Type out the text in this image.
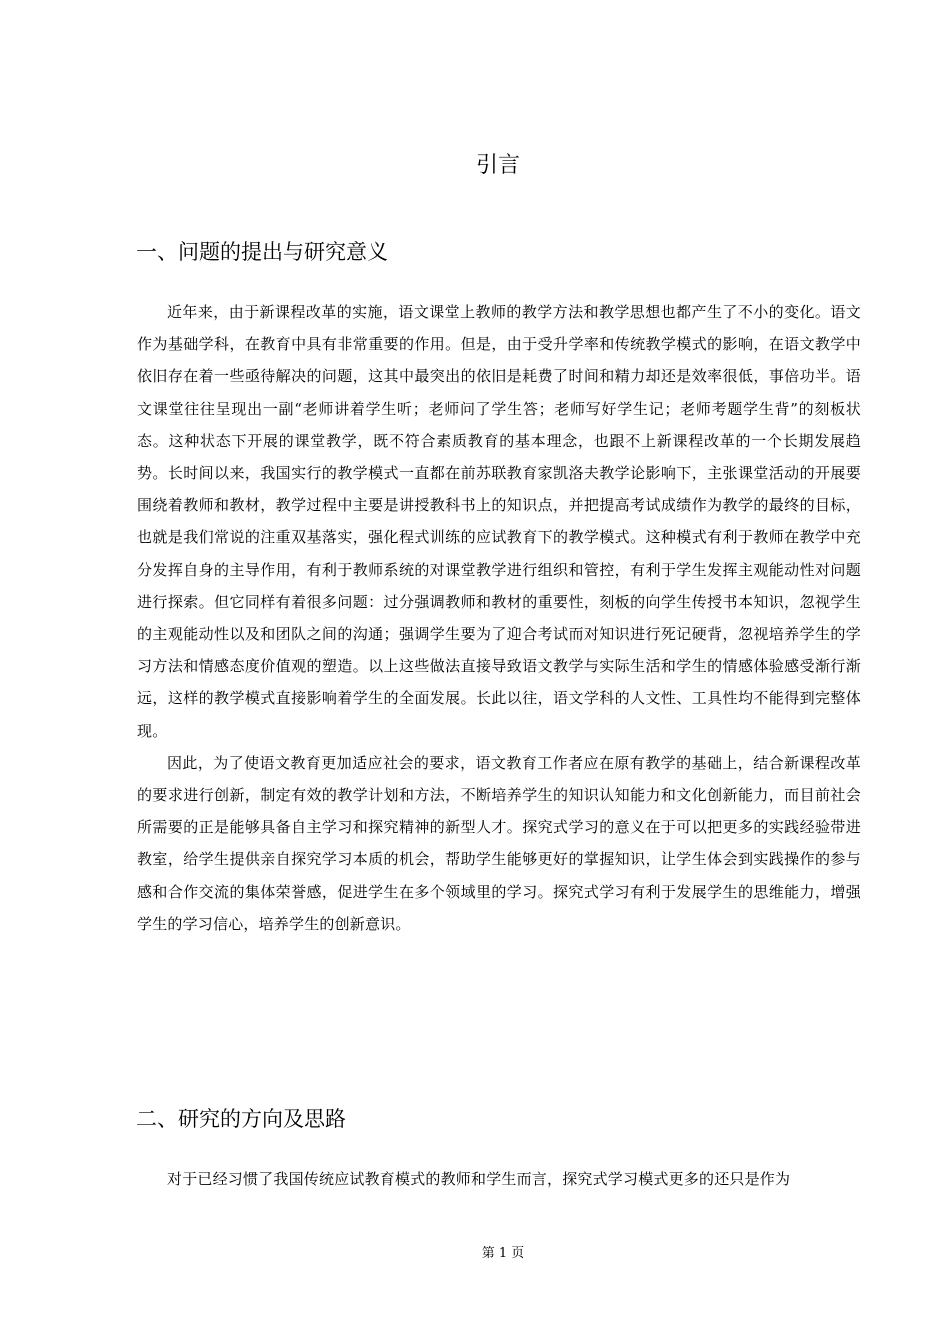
引言
一、问题的提出与研究意义

近年来，由于新课程改革的实施，语文课堂上教师的教学方法和教学思想也都产生了不小的变化。语文作为基础学科，在教育中具有非常重要的作用。但是，由于受升学率和传统教学模式的影响，在语文教学中依旧存在着一些亟待解决的问题，这其中最突出的依旧是耗费了时间和精力却还是效率很低，事倍功半。语文课堂往往呈现出一副“老师讲着学生听；老师问了学生答；老师写好学生记；老师考题学生背”的刻板状态。这种状态下开展的课堂教学，既不符合素质教育的基本理念，也跟不上新课程改革的一个长期发展趋势。长时间以来，我国实行的教学模式一直都在前苏联教育家凯洛夫教学论影响下，主张课堂活动的开展要围绕着教师和教材，教学过程中主要是讲授教科书上的知识点，并把提高考试成绩作为教学的最终的目标，也就是我们常说的注重双基落实，强化程式训练的应试教育下的教学模式。这种模式有利于教师在教学中充分发挥自身的主导作用，有利于教师系统的对课堂教学进行组织和管控，有利于学生发挥主观能动性对问题进行探索。但它同样有着很多问题：过分强调教师和教材的重要性，刻板的向学生传授书本知识，忽视学生的主观能动性以及和团队之间的沟通；强调学生要为了迎合考试而对知识进行死记硬背，忽视培养学生的学习方法和情感态度价值观的塑造。以上这些做法直接导致语文教学与实际生活和学生的情感体验感受渐行渐远，这样的教学模式直接影响着学生的全面发展。长此以往，语文学科的人文性、工具性均不能得到完整体现。

因此，为了使语文教育更加适应社会的要求，语文教育工作者应在原有教学的基础上，结合新课程改革的要求进行创新，制定有效的教学计划和方法，不断培养学生的知识认知能力和文化创新能力，而目前社会所需要的正是能够具备自主学习和探究精神的新型人才。探究式学习的意义在于可以把更多的实践经验带进教室，给学生提供亲自探究学习本质的机会，帮助学生能够更好的掌握知识，让学生体会到实践操作的参与感和合作交流的集体荣誉感，促进学生在多个领域里的学习。探究式学习有利于发展学生的思维能力，增强学生的学习信心，培养学生的创新意识。

二、研究的方向及思路

对于已经习惯了我国传统应试教育模式的教师和学生而言，探究式学习模式更多的还只是作为

第 1 页
